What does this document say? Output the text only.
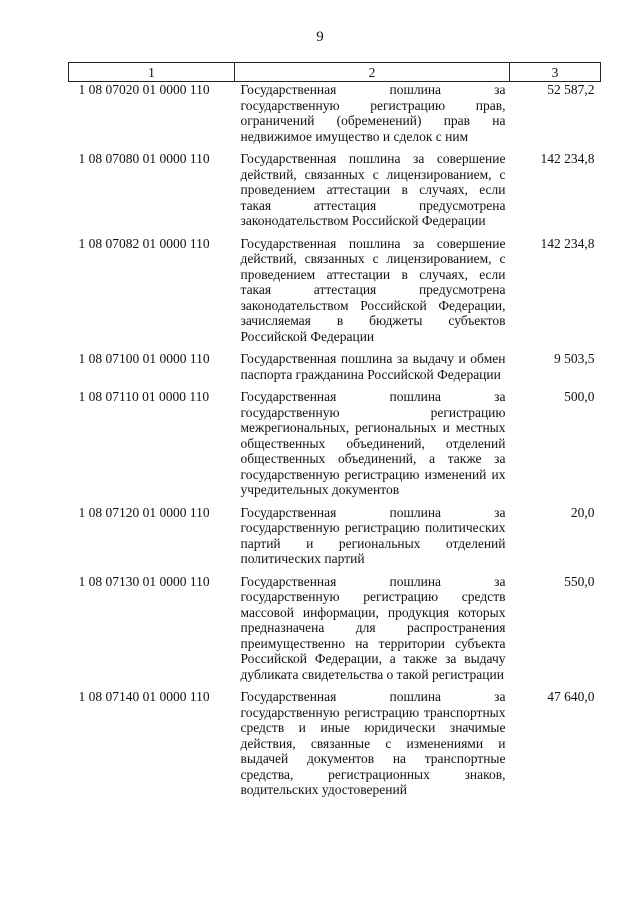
9
1	2	3
1 08 07020 01 0000 110	Государственная пошлина за государственную регистрацию прав, ограничений (обременений) прав на недвижимое имущество и сделок с ним	52 587,2
1 08 07080 01 0000 110	Государственная пошлина за совершение действий, связанных с лицензированием, с проведением аттестации в случаях, если такая аттестация предусмотрена законодательством Российской Федерации	142 234,8
1 08 07082 01 0000 110	Государственная пошлина за совершение действий, связанных с лицензированием, с проведением аттестации в случаях, если такая аттестация предусмотрена законодательством Российской Федерации, зачисляемая в бюджеты субъектов Российской Федерации	142 234,8
1 08 07100 01 0000 110	Государственная пошлина за выдачу и обмен паспорта гражданина Российской Федерации	9 503,5
1 08 07110 01 0000 110	Государственная пошлина за государственную регистрацию межрегиональных, региональных и местных общественных объединений, отделений общественных объединений, а также за государственную регистрацию изменений их учредительных документов	500,0
1 08 07120 01 0000 110	Государственная пошлина за государственную регистрацию политических партий и региональных отделений политических партий	20,0
1 08 07130 01 0000 110	Государственная пошлина за государственную регистрацию средств массовой информации, продукция которых предназначена для распространения преимущественно на территории субъекта Российской Федерации, а также за выдачу дубликата свидетельства о такой регистрации	550,0
1 08 07140 01 0000 110	Государственная пошлина за государственную регистрацию транспортных средств и иные юридически значимые действия, связанные с изменениями и выдачей документов на транспортные средства, регистрационных знаков, водительских удостоверений	47 640,0
